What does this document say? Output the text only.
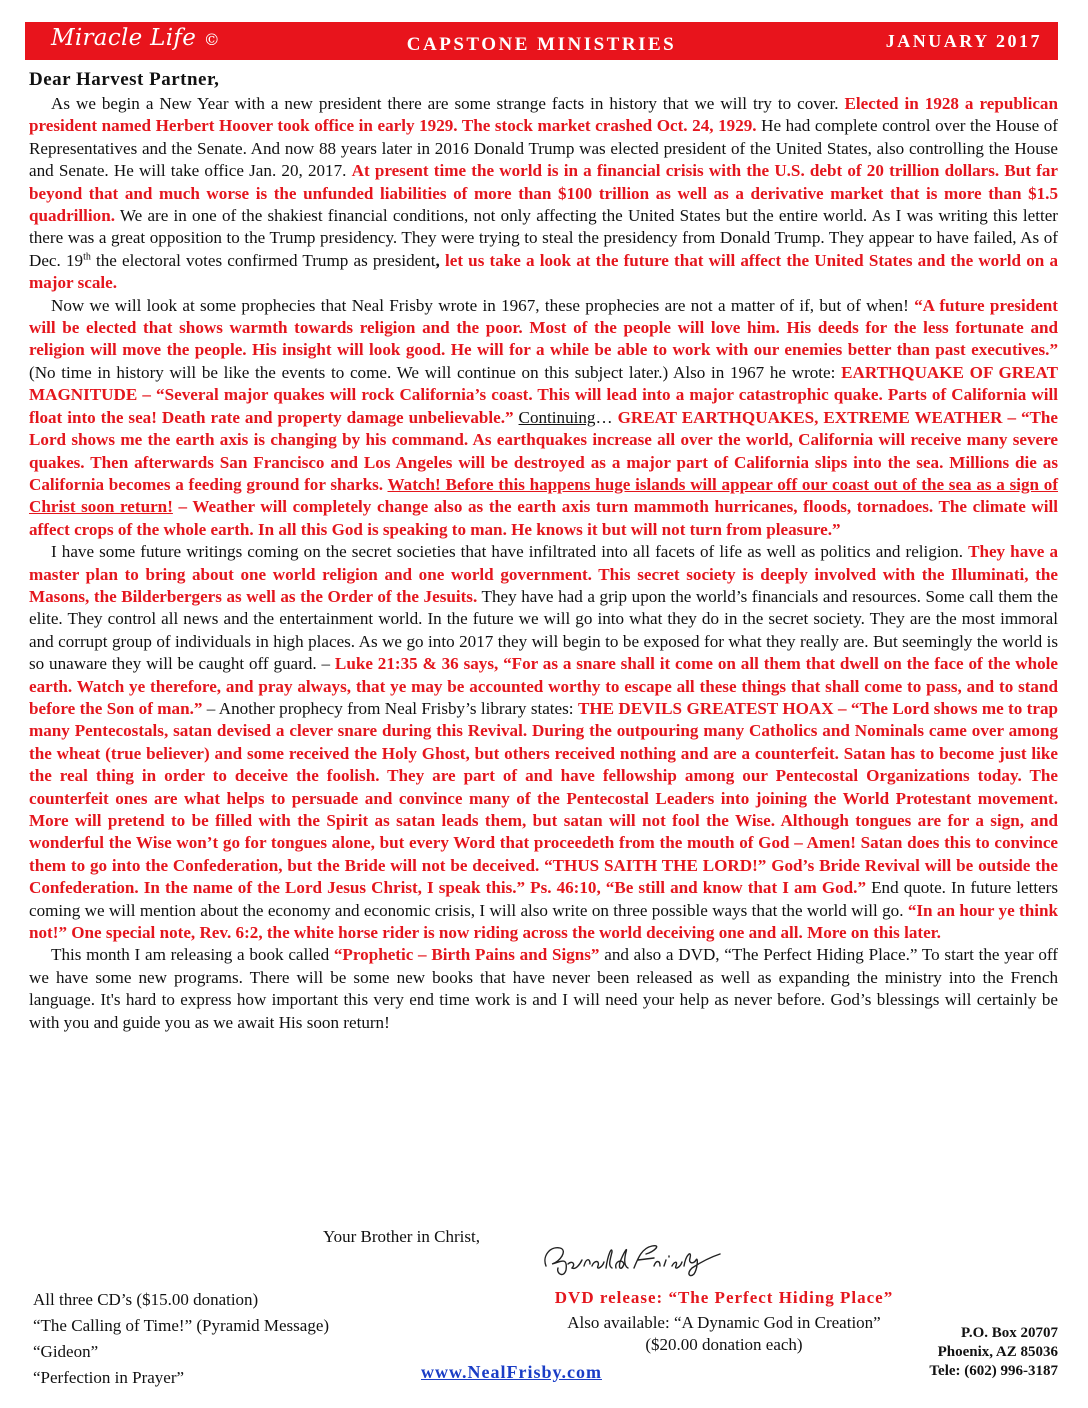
Miracle Life ©	CAPSTONE MINISTRIES	JANUARY 2017
Dear Harvest Partner,

As we begin a New Year with a new president there are some strange facts in history that we will try to cover. Elected in 1928 a republican president named Herbert Hoover took office in early 1929. The stock market crashed Oct. 24, 1929. He had complete control over the House of Representatives and the Senate. And now 88 years later in 2016 Donald Trump was elected president of the United States, also controlling the House and Senate. He will take office Jan. 20, 2017. At present time the world is in a financial crisis with the U.S. debt of 20 trillion dollars. But far beyond that and much worse is the unfunded liabilities of more than $100 trillion as well as a derivative market that is more than $1.5 quadrillion. We are in one of the shakiest financial conditions, not only affecting the United States but the entire world. As I was writing this letter there was a great opposition to the Trump presidency. They were trying to steal the presidency from Donald Trump. They appear to have failed, As of Dec. 19th the electoral votes confirmed Trump as president, let us take a look at the future that will affect the United States and the world on a major scale.

Now we will look at some prophecies that Neal Frisby wrote in 1967, these prophecies are not a matter of if, but of when! “A future president will be elected that shows warmth towards religion and the poor. Most of the people will love him. His deeds for the less fortunate and religion will move the people. His insight will look good. He will for a while be able to work with our enemies better than past executives.” (No time in history will be like the events to come. We will continue on this subject later.) Also in 1967 he wrote: EARTHQUAKE OF GREAT MAGNITUDE – “Several major quakes will rock California’s coast. This will lead into a major catastrophic quake. Parts of California will float into the sea! Death rate and property damage unbelievable.” Continuing… GREAT EARTHQUAKES, EXTREME WEATHER – “The Lord shows me the earth axis is changing by his command. As earthquakes increase all over the world, California will receive many severe quakes. Then afterwards San Francisco and Los Angeles will be destroyed as a major part of California slips into the sea. Millions die as California becomes a feeding ground for sharks. Watch! Before this happens huge islands will appear off our coast out of the sea as a sign of Christ soon return! – Weather will completely change also as the earth axis turn mammoth hurricanes, floods, tornadoes. The climate will affect crops of the whole earth. In all this God is speaking to man. He knows it but will not turn from pleasure.”

I have some future writings coming on the secret societies that have infiltrated into all facets of life as well as politics and religion. They have a master plan to bring about one world religion and one world government. This secret society is deeply involved with the Illuminati, the Masons, the Bilderbergers as well as the Order of the Jesuits. They have had a grip upon the world’s financials and resources. Some call them the elite. They control all news and the entertainment world. In the future we will go into what they do in the secret society. They are the most immoral and corrupt group of individuals in high places. As we go into 2017 they will begin to be exposed for what they really are. But seemingly the world is so unaware they will be caught off guard. – Luke 21:35 & 36 says, “For as a snare shall it come on all them that dwell on the face of the whole earth. Watch ye therefore, and pray always, that ye may be accounted worthy to escape all these things that shall come to pass, and to stand before the Son of man.” – Another prophecy from Neal Frisby’s library states: THE DEVILS GREATEST HOAX – “The Lord shows me to trap many Pentecostals, satan devised a clever snare during this Revival. During the outpouring many Catholics and Nominals came over among the wheat (true believer) and some received the Holy Ghost, but others received nothing and are a counterfeit. Satan has to become just like the real thing in order to deceive the foolish. They are part of and have fellowship among our Pentecostal Organizations today. The counterfeit ones are what helps to persuade and convince many of the Pentecostal Leaders into joining the World Protestant movement. More will pretend to be filled with the Spirit as satan leads them, but satan will not fool the Wise. Although tongues are for a sign, and wonderful the Wise won’t go for tongues alone, but every Word that proceedeth from the mouth of God – Amen! Satan does this to convince them to go into the Confederation, but the Bride will not be deceived. “THUS SAITH THE LORD!” God’s Bride Revival will be outside the Confederation. In the name of the Lord Jesus Christ, I speak this.” Ps. 46:10, “Be still and know that I am God.” End quote. In future letters coming we will mention about the economy and economic crisis, I will also write on three possible ways that the world will go. “In an hour ye think not!” One special note, Rev. 6:2, the white horse rider is now riding across the world deceiving one and all. More on this later.

This month I am releasing a book called “Prophetic – Birth Pains and Signs” and also a DVD, “The Perfect Hiding Place.” To start the year off we have some new programs. There will be some new books that have never been released as well as expanding the ministry into the French language. It's hard to express how important this very end time work is and I will need your help as never before. God’s blessings will certainly be with you and guide you as we await His soon return!

Your Brother in Christ,
All three CD’s ($15.00 donation)
“The Calling of Time!” (Pyramid Message)
“Gideon”
“Perfection in Prayer”
DVD release: “The Perfect Hiding Place”
Also available: “A Dynamic God in Creation”
($20.00 donation each)
www.NealFrisby.com
P.O. Box 20707
Phoenix, AZ 85036
Tele: (602) 996-3187
